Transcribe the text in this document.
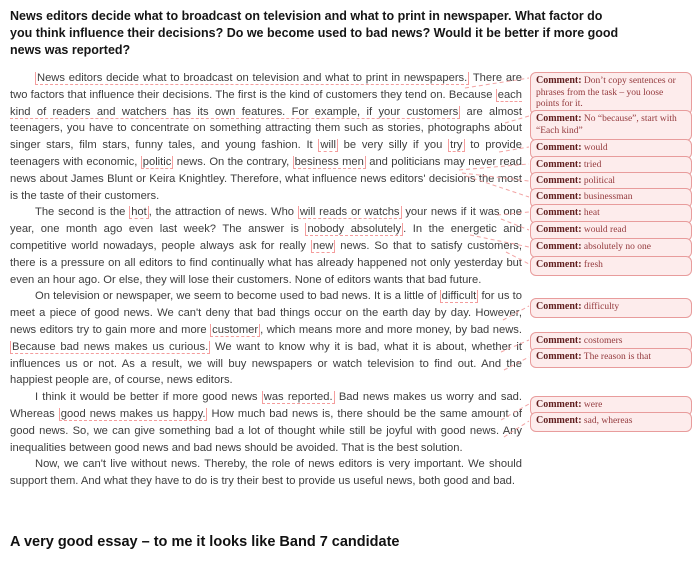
News editors decide what to broadcast on television and what to print in newspaper. What factor do you think influence their decisions? Do we become used to bad news? Would it be better if more good news was reported?

News editors decide what to broadcast on television and what to print in newspapers. There are two factors that influence their decisions. The first is the kind of customers they tend on. Because each kind of readers and watchers has its own features. For example, if your customers are almost teenagers, you have to concentrate on something attracting them such as stories, photographs about singer stars, film stars, funny tales, and young fashion. It will be very silly if you try to provide teenagers with economic, politic news. On the contrary, besiness men and politicians may never read news about James Blunt or Keira Knightley. Therefore, what influence news editors' decisions the most is the taste of their customers.

The second is the hot , the attraction of news. Who will reads or watchs your news if it was one year, one month ago even last week? The answer is nobody absolutely . In the energetic and competitive world nowadays, people always ask for really new news. So that to satisfy customers, there is a pressure on all editors to find continually what has already happened not only yesterday but even an hour ago. Or else, they will lose their customers. None of editors wants that bad future.

On television or newspaper, we seem to become used to bad news. It is a little of difficult for us to meet a piece of good news. We can't deny that bad things occur on the earth day by day. However, news editors try to gain more and more customer , which means more and more money, by bad news. Because bad news makes us curious. We want to know why it is bad, what it is about, whether it influences us or not. As a result, we will buy newspapers or watch television to find out. And the happiest people are, of course, news editors.

I think it would be better if more good news was reported. Bad news makes us worry and sad. Whereas good news makes us happy. How much bad news is, there should be the same amount of good news. So, we can give something bad a lot of thought while still be joyful with good news. Any inequalities between good news and bad news should be avoided. That is the best solution.

Now, we can't live without news. Thereby, the role of news editors is very important. We should support them. And what they have to do is try their best to provide us useful news, both good and bad.

Comment: Don’t copy sentences or phrases from the task – you loose points for it.
Comment: No “because”, start with “Each kind”
Comment: would
Comment: tried
Comment: political
Comment: businessman
Comment: heat
Comment: would read
Comment: absolutely no one
Comment: fresh
Comment: difficulty
Comment: costomers
Comment: The reason is that
Comment: were
Comment: sad, whereas
A very good essay – to me it looks like Band 7 candidate
